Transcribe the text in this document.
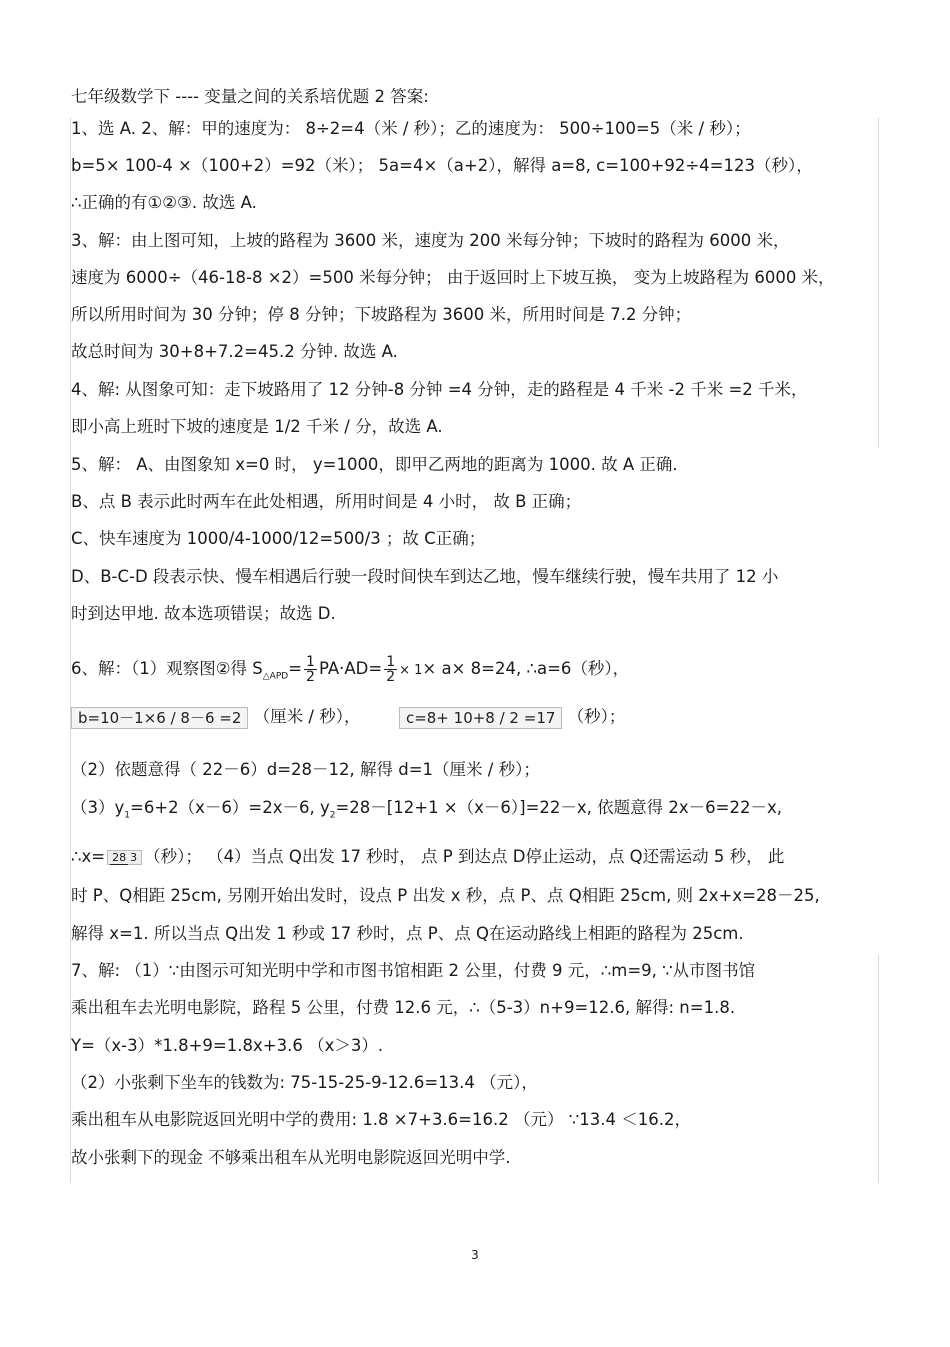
七年级数学下 ---- 变量之间的关系培优题 2 答案:
1、选 A. 2、解：甲的速度为： 8÷2=4（米 / 秒）；乙的速度为： 500÷100=5（米 / 秒）；
b=5× 100-4 ×（100+2）=92（米）； 5a=4×（a+2），解得 a=8, c=100+92÷4=123（秒），
∴正确的有①②③. 故选 A.
3、解：由上图可知，上坡的路程为 3600 米，速度为 200 米每分钟；下坡时的路程为 6000 米，
速度为 6000÷（46-18-8 ×2）=500 米每分钟； 由于返回时上下坡互换， 变为上坡路程为 6000 米，
所以所用时间为 30 分钟；停 8 分钟；下坡路程为 3600 米，所用时间是 7.2 分钟；
故总时间为 30+8+7.2=45.2 分钟. 故选 A.
4、解: 从图象可知：走下坡路用了 12 分钟-8 分钟 =4 分钟，走的路程是 4 千米 -2 千米 =2 千米，
即小高上班时下坡的速度是 1/2 千米 / 分，故选 A.
5、解： A、由图象知 x=0 时， y=1000，即甲乙两地的距离为 1000. 故 A 正确．
B、点 B 表示此时两车在此处相遇，所用时间是 4 小时， 故 B 正确；
C、快车速度为 1000/4-1000/12=500/3 ；故 C正确；
D、B-C-D 段表示快、慢车相遇后行驶一段时间快车到达乙地，慢车继续行驶，慢车共用了 12 小
时到达甲地. 故本选项错误；故选 D.
6、解：（1）观察图②得 $S_{\triangle APD}= \frac{1}{2} PA\cdot AD= \frac{1}{2} \times 1\times a\times 8=24$, ∴a=6（秒），
b=10－1×6 / 8－6 =2 （厘米 / 秒），	c=8+ 10+8 / 2 =17 （秒）；
（2）依题意得（ 22－6）d=28－12, 解得 d=1（厘米 / 秒）；
$(3)y_1=6+2(x-6)=2x-6$, $y_2=28-[12+1 \times(x-6)]=22-x$, 依题意得 2x－6=22－x,
∴x= 28 3 （秒）； （4）当点 Q出发 17 秒时， 点 P 到达点 D停止运动，点 Q还需运动 5 秒， 此
时 P、Q相距 25cm, 另刚开始出发时，设点 P 出发 x 秒，点 P、点 Q相距 25cm, 则 2x+x=28－25,
解得 x=1. 所以当点 Q出发 1 秒或 17 秒时，点 P、点 Q在运动路线上相距的路程为 25cm.
7、解: （1）∵由图示可知光明中学和市图书馆相距 2 公里，付费 9 元，∴m=9, ∵从市图书馆
乘出租车去光明电影院，路程 5 公里，付费 12.6 元，∴（5-3）n+9=12.6, 解得: n=1.8.
Y=（x-3）*1.8+9=1.8x+3.6 （x＞3）.
（2）小张剩下坐车的钱数为: 75-15-25-9-12.6=13.4 （元），
乘出租车从电影院返回光明中学的费用: 1.8 ×7+3.6=16.2 （元） ∵13.4 ＜16.2，
故小张剩下的现金 不够乘出租车从光明电影院返回光明中学.
3
